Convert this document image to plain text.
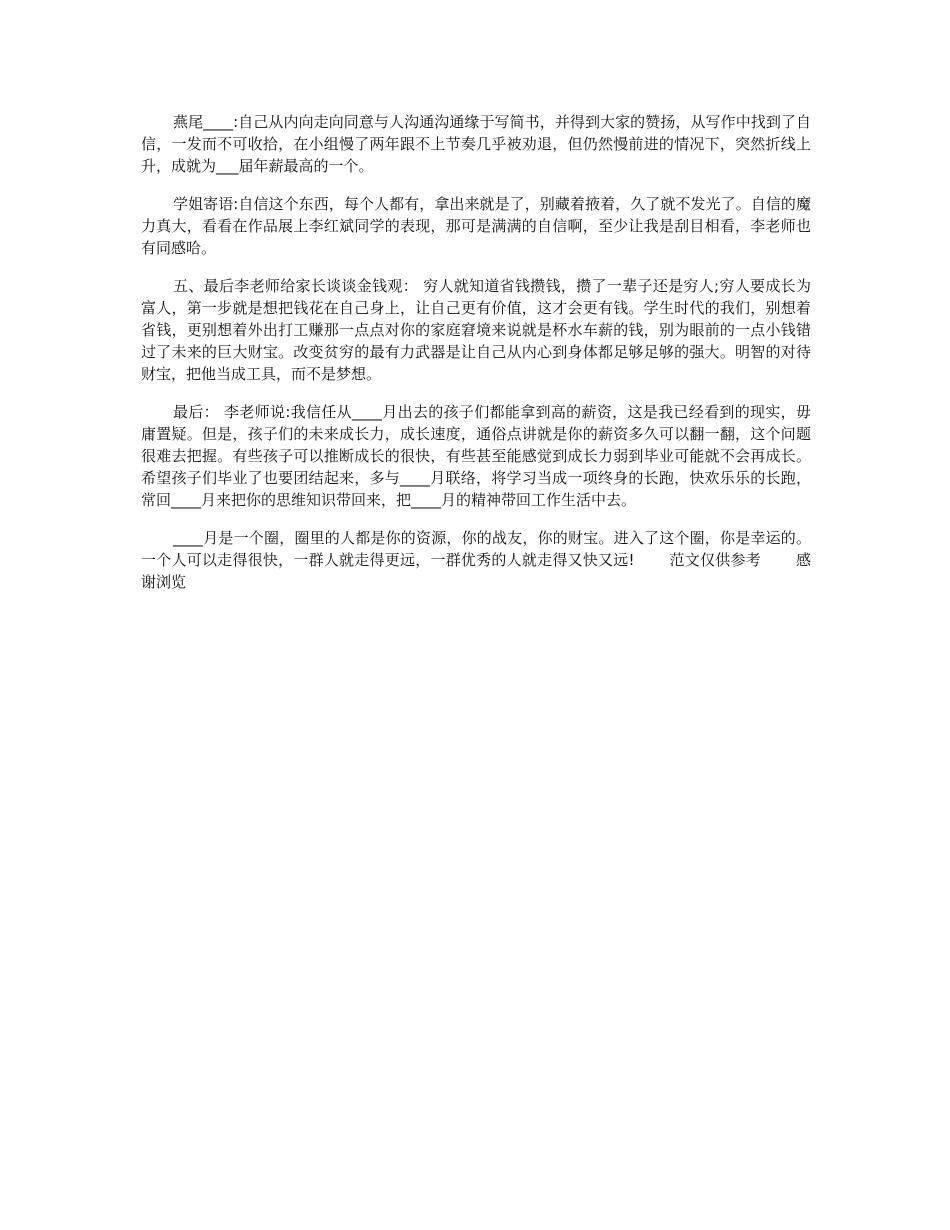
燕尾____:自己从内向走向同意与人沟通沟通缘于写简书，并得到大家的赞扬，从写作中找到了自信，一发而不可收拾，在小组慢了两年跟不上节奏几乎被劝退，但仍然慢前进的情况下，突然折线上升，成就为___届年薪最高的一个。

学姐寄语:自信这个东西，每个人都有，拿出来就是了，别藏着掖着，久了就不发光了。自信的魔力真大，看看在作品展上李红斌同学的表现，那可是满满的自信啊，至少让我是刮目相看，李老师也有同感哈。

五、最后李老师给家长谈谈金钱观： 穷人就知道省钱攒钱，攒了一辈子还是穷人;穷人要成长为富人，第一步就是想把钱花在自己身上，让自己更有价值，这才会更有钱。学生时代的我们，别想着省钱，更别想着外出打工赚那一点点对你的家庭窘境来说就是杯水车薪的钱，别为眼前的一点小钱错过了未来的巨大财宝。改变贫穷的最有力武器是让自己从内心到身体都足够足够的强大。明智的对待财宝，把他当成工具，而不是梦想。

最后： 李老师说:我信任从____月出去的孩子们都能拿到高的薪资，这是我已经看到的现实，毋庸置疑。但是，孩子们的未来成长力，成长速度，通俗点讲就是你的薪资多久可以翻一翻，这个问题很难去把握。有些孩子可以推断成长的很快，有些甚至能感觉到成长力弱到毕业可能就不会再成长。希望孩子们毕业了也要团结起来，多与____月联络，将学习当成一项终身的长跑，快欢乐乐的长跑，常回____月来把你的思维知识带回来，把____月的精神带回工作生活中去。

____月是一个圈，圈里的人都是你的资源，你的战友，你的财宝。进入了这个圈，你是幸运的。一个人可以走得很快，一群人就走得更远，一群优秀的人就走得又快又远!       范文仅供参考       感谢浏览
